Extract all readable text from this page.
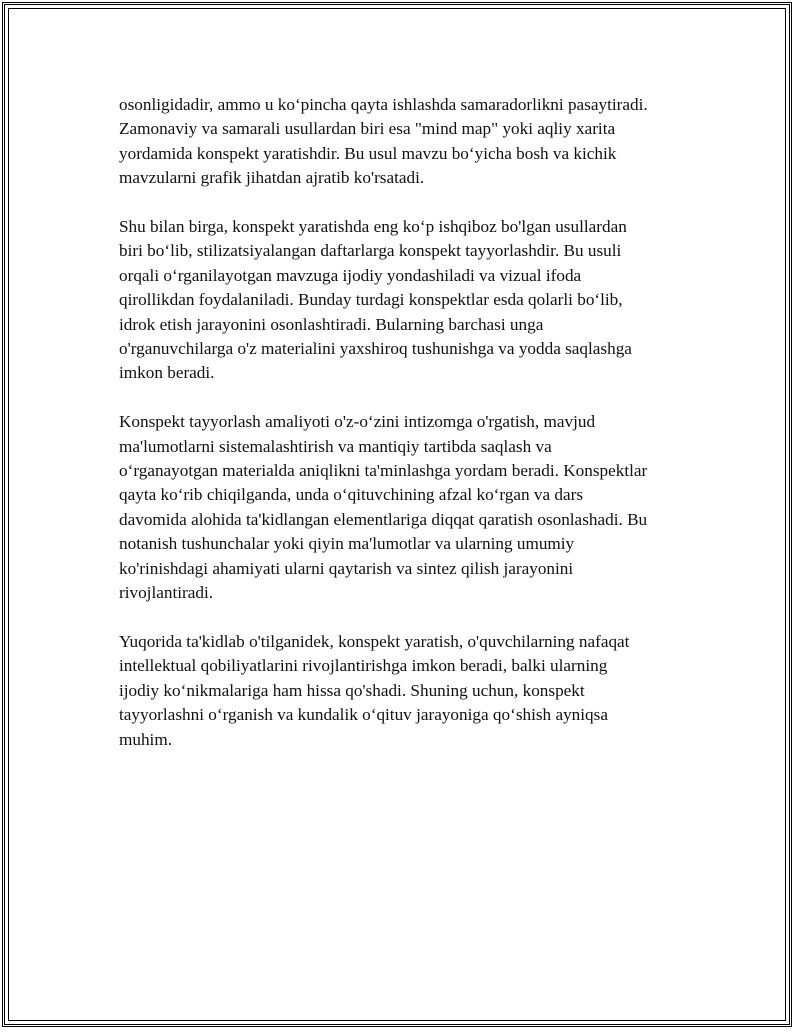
osonligidadir, ammo u ko‘pincha qayta ishlashda samaradorlikni pasaytiradi.
Zamonaviy va samarali usullardan biri esa "mind map" yoki aqliy xarita
yordamida konspekt yaratishdir. Bu usul mavzu bo‘yicha bosh va kichik
mavzularni grafik jihatdan ajratib ko'rsatadi.

Shu bilan birga, konspekt yaratishda eng ko‘p ishqiboz bo'lgan usullardan
biri bo‘lib, stilizatsiyalangan daftarlarga konspekt tayyorlashdir. Bu usuli
orqali o‘rganilayotgan mavzuga ijodiy yondashiladi va vizual ifoda
qirollikdan foydalaniladi. Bunday turdagi konspektlar esda qolarli bo‘lib,
idrok etish jarayonini osonlashtiradi. Bularning barchasi unga
o'rganuvchilarga o'z materialini yaxshiroq tushunishga va yodda saqlashga
imkon beradi.

Konspekt tayyorlash amaliyoti o'z-o‘zini intizomga o'rgatish, mavjud
ma'lumotlarni sistemalashtirish va mantiqiy tartibda saqlash va
o‘rganayotgan materialda aniqlikni ta'minlashga yordam beradi. Konspektlar
qayta ko‘rib chiqilganda, unda o‘qituvchining afzal ko‘rgan va dars
davomida alohida ta'kidlangan elementlariga diqqat qaratish osonlashadi. Bu
notanish tushunchalar yoki qiyin ma'lumotlar va ularning umumiy
ko'rinishdagi ahamiyati ularni qaytarish va sintez qilish jarayonini
rivojlantiradi.

Yuqorida ta'kidlab o'tilganidek, konspekt yaratish, o'quvchilarning nafaqat
intellektual qobiliyatlarini rivojlantirishga imkon beradi, balki ularning
ijodiy ko‘nikmalariga ham hissa qo'shadi. Shuning uchun, konspekt
tayyorlashni o‘rganish va kundalik o‘qituv jarayoniga qo‘shish ayniqsa
muhim.
